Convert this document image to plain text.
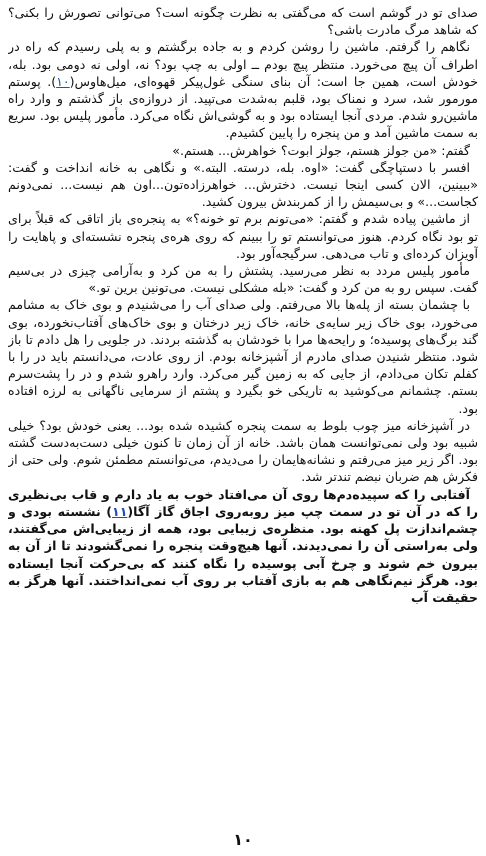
صدای تو در گوشم است که می‌گفتی به نظرت چگونه است؟ می‌توانی تصورش را بکنی؟ که شاهد مرگ مادرت باشی؟

نگاهم را گرفتم. ماشین را روشن کردم و به جاده برگشتم و به پلی رسیدم که راه در اطراف آن پیچ می‌خورد. منتظر پیچ بودم ــ اولی به چپ بود؟ نه، اولی نه دومی بود. بله، خودش است، همین جا است: آن بنای سنگی غول‌پیکر قهوه‌ای، میل‌هاوس(۱۰). پوستم مورمور شد، سرد و نمناک بود، قلبم به‌شدت می‌تپید. از دروازه‌ی باز گذشتم و وارد راه ماشین‌رو شدم. مردی آنجا ایستاده بود و به گوشی‌اش نگاه می‌کرد. مأمور پلیس بود. سریع به سمت ماشین آمد و من پنجره را پایین کشیدم.

گفتم: «من جولز هستم، جولز ابوت؟ خواهرش... هستم.»

افسر با دستپاچگی گفت: «اوه. بله، درسته. البته.» و نگاهی به خانه انداخت و گفت: «ببینین، الان کسی اینجا نیست. دخترش... خواهرزاده‌تون...اون هم نیست... نمی‌دونم کجاست...» و بی‌سیمش را از کمربندش بیرون کشید.

از ماشین پیاده شدم و گفتم: «می‌تونم برم تو خونه؟» به پنجره‌ی باز اتاقی که قبلاً برای تو بود نگاه کردم. هنوز می‌توانستم تو را ببینم که روی هره‌ی پنجره نشسته‌ای و پاهایت را آویزان کرده‌ای و تاب می‌دهی. سرگیجه‌آور بود.

مأمور پلیس مردد به نظر می‌رسید. پشتش را به من کرد و به‌آرامی چیزی در بی‌سیم گفت. سپس رو به من کرد و گفت: «بله مشکلی نیست. می‌تونین برین تو.»

با چشمان بسته از پله‌ها بالا می‌رفتم. ولی صدای آب را می‌شنیدم و بوی خاک به مشامم می‌خورد، بوی خاک زیر سایه‌ی خانه، خاک زیر درختان و بوی خاک‌های آفتاب‌نخورده، بوی گند برگ‌های پوسیده؛ و رایحه‌ها مرا با خودشان به گذشته بردند. در جلویی را هل دادم تا باز شود. منتظر شنیدن صدای مادرم از آشپزخانه بودم. از روی عادت، می‌دانستم باید در را با کفلم تکان می‌دادم، از جایی که به زمین گیر می‌کرد. وارد راهرو شدم و در را پشت‌سرم بستم. چشمانم می‌کوشید به تاریکی خو بگیرد و پشتم از سرمایی ناگهانی به لرزه افتاده بود.

در آشپزخانه میز چوب بلوط به سمت پنجره کشیده شده بود... یعنی خودش بود؟ خیلی شبیه بود ولی نمی‌توانست همان باشد. خانه از آن زمان تا کنون خیلی دست‌به‌دست گشته بود. اگر زیر میز می‌رفتم و نشانه‌هایمان را می‌دیدم، می‌توانستم مطمئن شوم. ولی حتی از فکرش هم ضربان نبضم تندتر شد.

آفتابی را که سپیده‌دم‌ها روی آن می‌افتاد خوب به یاد دارم و قاب بی‌نظیری را که در آن تو در سمت چپ میز روبه‌روی اجاق گاز آگا(۱۱) نشسته بودی و چشم‌اندازت پل کهنه بود. منظره‌ی زیبایی بود، همه از زیبایی‌اش می‌گفتند، ولی به‌راستی آن را نمی‌دیدند. آنها هیچ‌وقت پنجره را نمی‌گشودند تا از آن به بیرون خم شوند و چرخ آبی پوسیده را نگاه کنند که بی‌حرکت آنجا ایستاده بود. هرگز نیم‌نگاهی هم به بازی آفتاب بر روی آب نمی‌انداختند. آنها هرگز به حقیقت آب

۱۰
